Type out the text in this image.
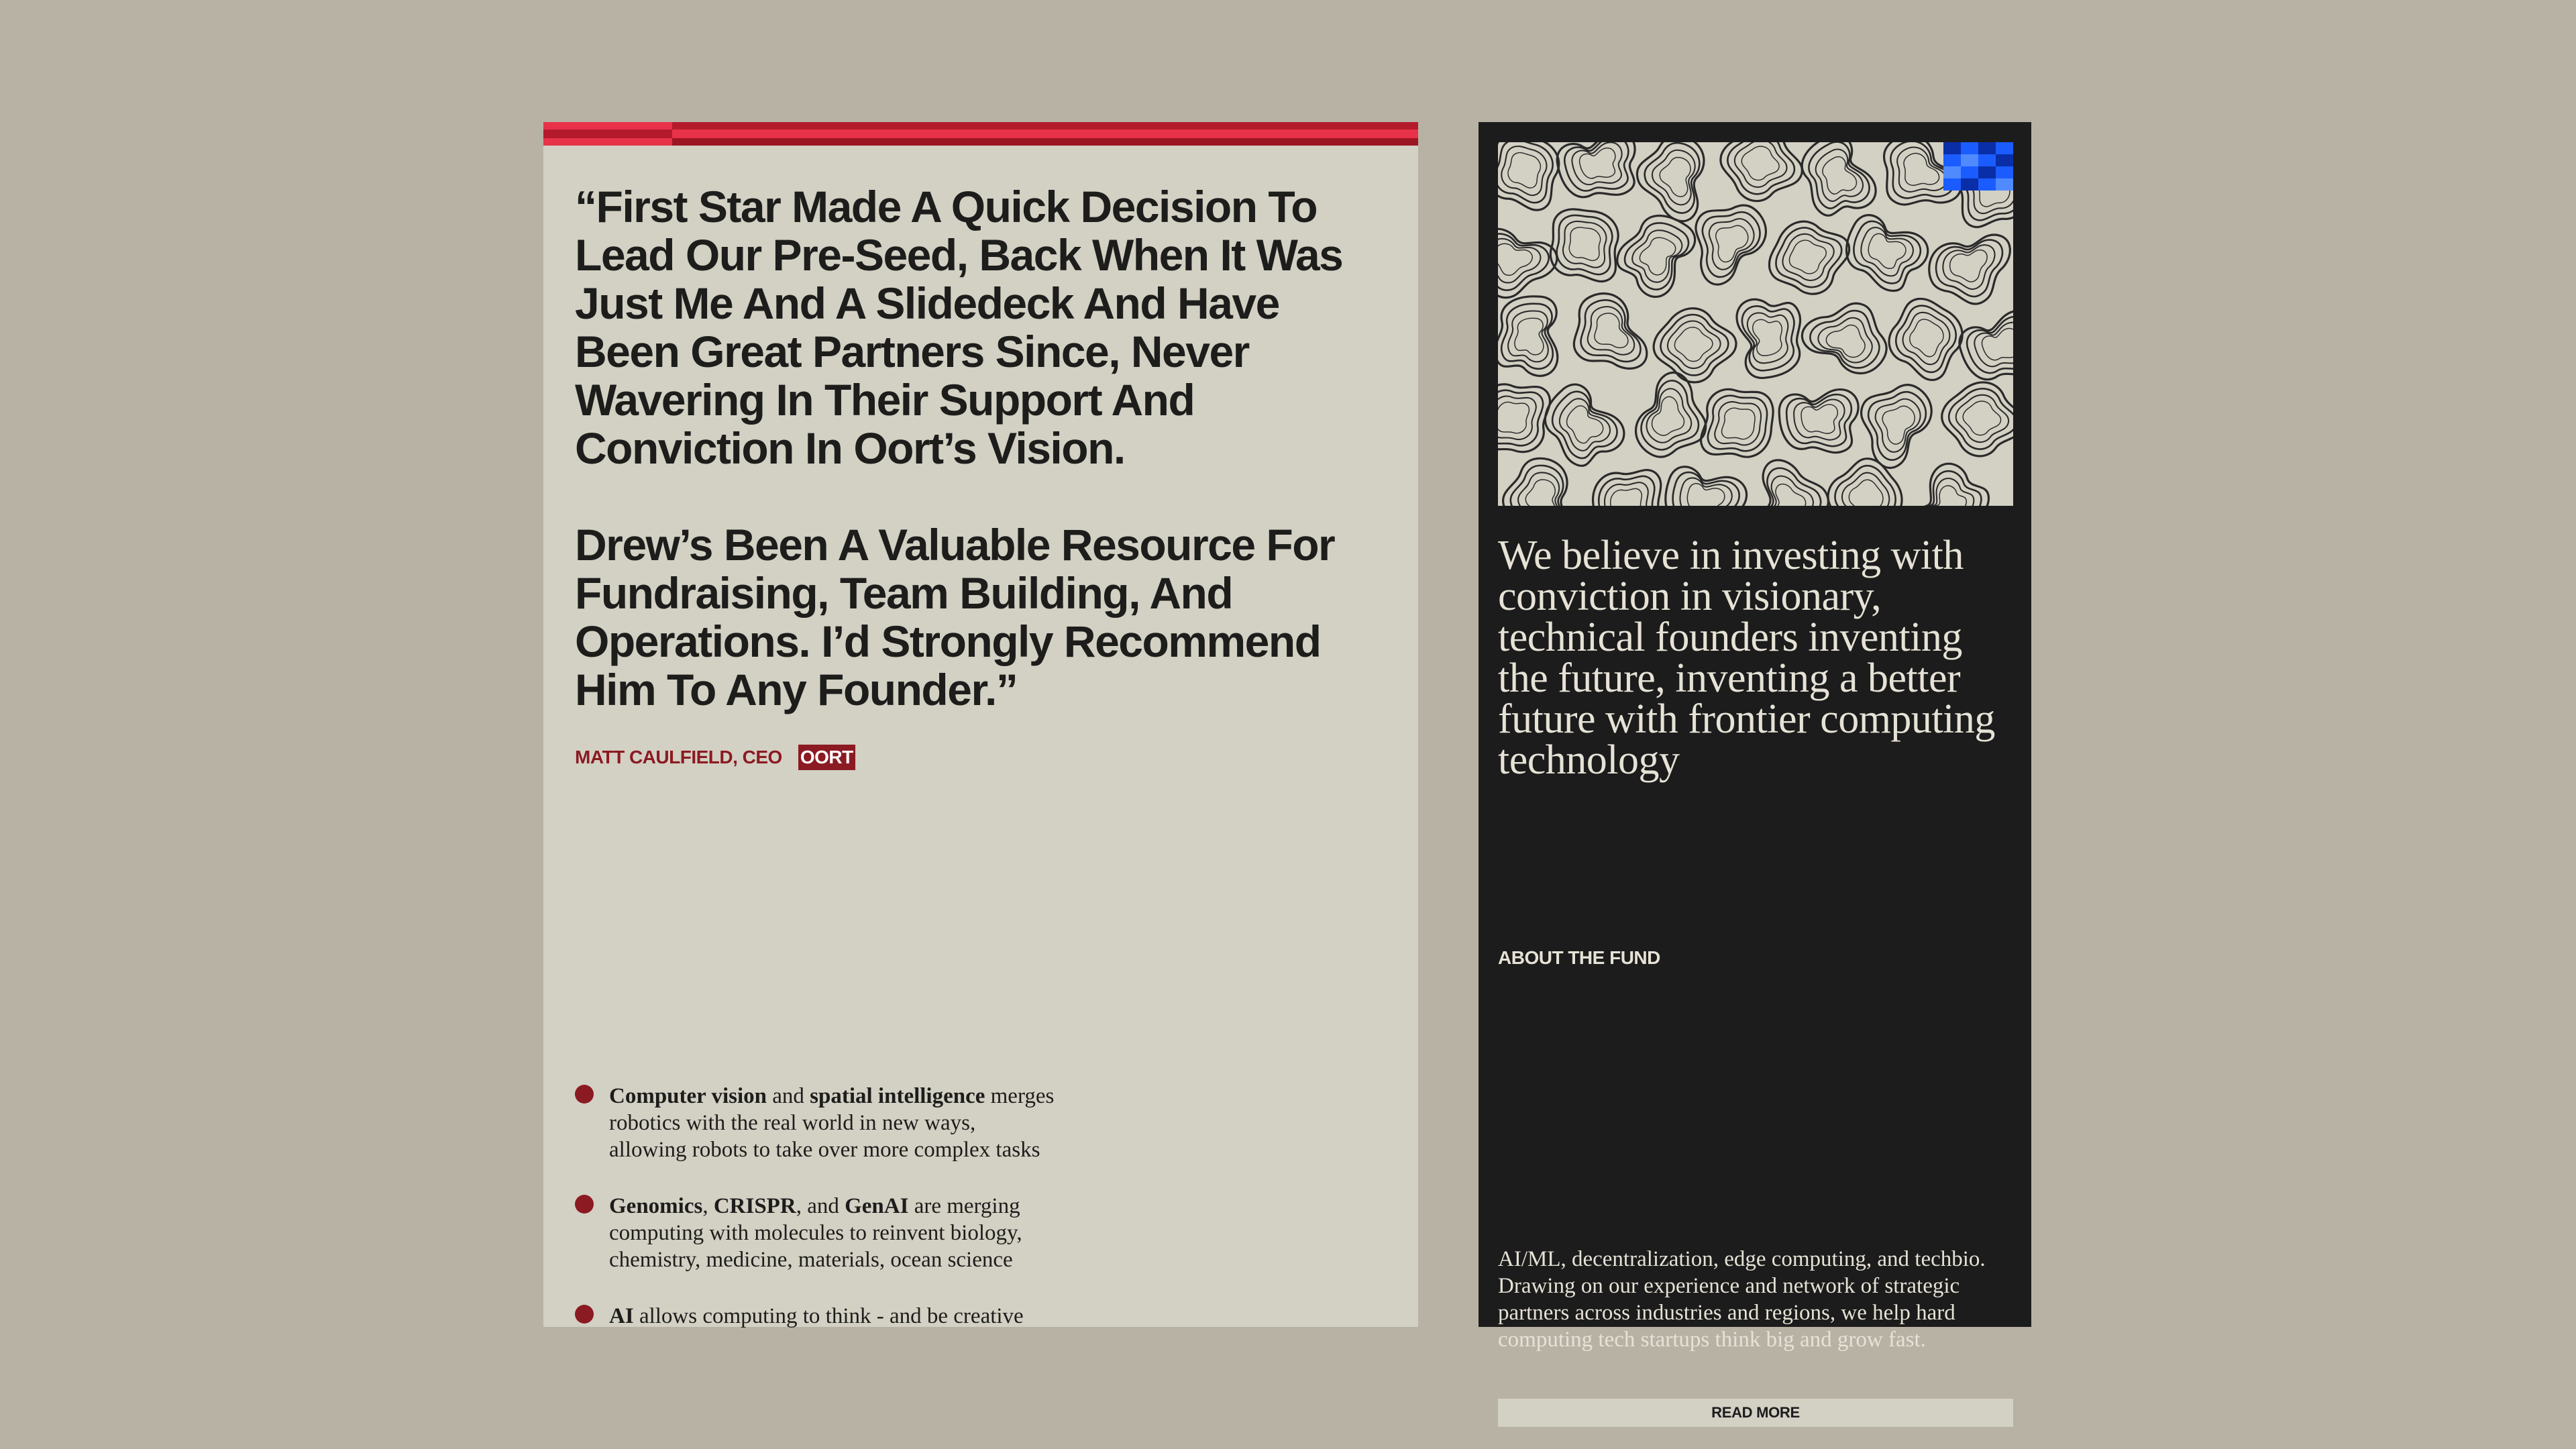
“First Star Made A Quick Decision To Lead Our Pre-Seed, Back When It Was Just Me And A Slidedeck And Have Been Great Partners Since, Never Wavering In Their Support And Conviction In Oort’s Vision.

Drew’s Been A Valuable Resource For Fundraising, Team Building, And Operations. I’d Strongly Recommend Him To Any Founder.”

MATT CAULFIELD, CEO OORT
Computer vision and spatial intelligence merges robotics with the real world in new ways, allowing robots to take over more complex tasks
Genomics, CRISPR, and GenAI are merging computing with molecules to reinvent biology, chemistry, medicine, materials, ocean science
AI allows computing to think - and be creative
We believe in investing with conviction in visionary, technical founders inventing the future, inventing a better future with frontier computing technology
ABOUT THE FUND

AI/ML, decentralization, edge computing, and techbio. Drawing on our experience and network of strategic partners across industries and regions, we help hard computing tech startups think big and grow fast.

READ MORE
